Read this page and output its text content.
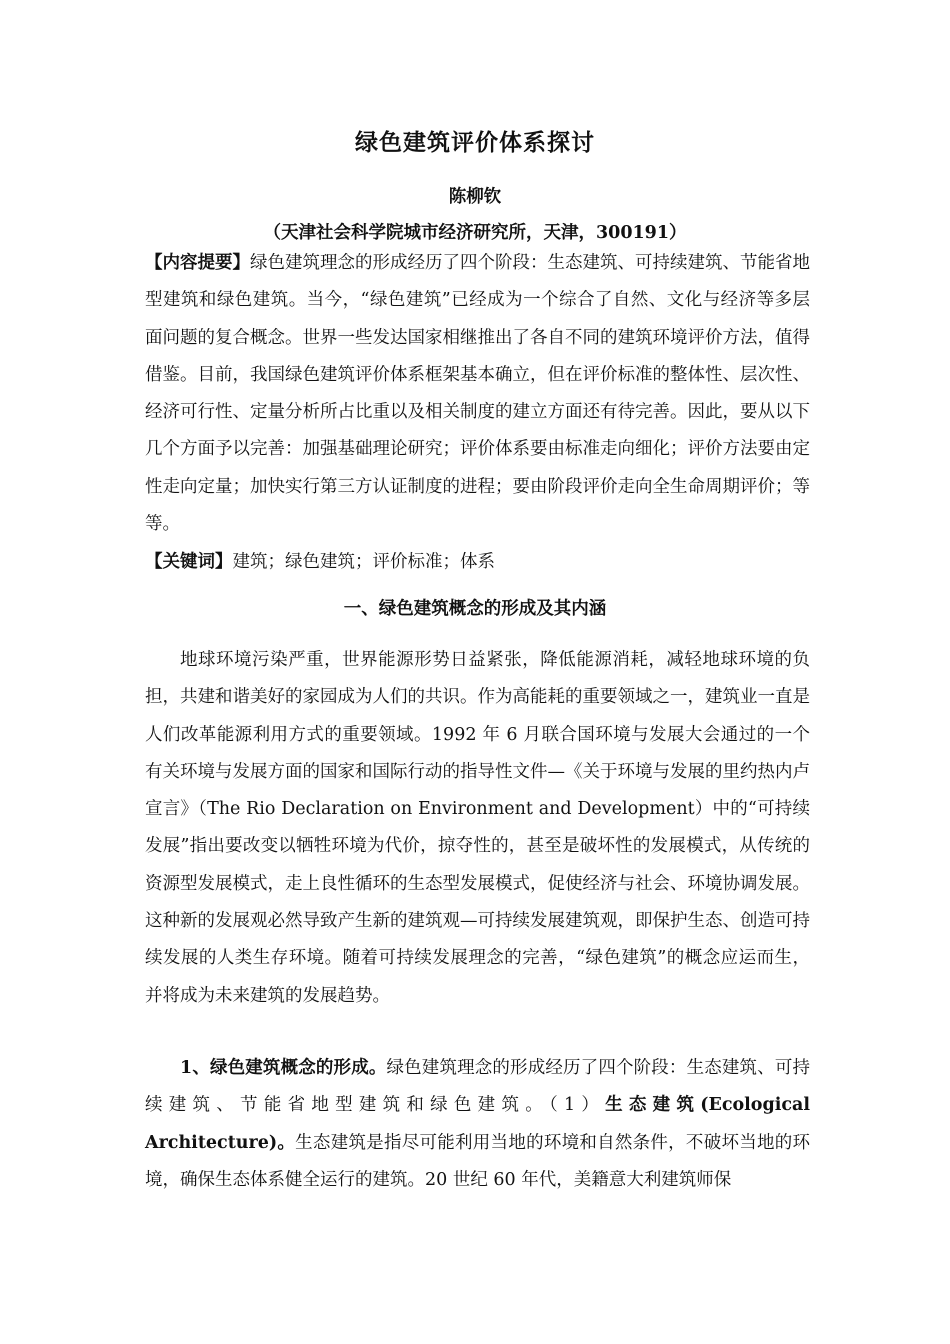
绿色建筑评价体系探讨
陈柳钦
（天津社会科学院城市经济研究所，天津，300191）
【内容提要】绿色建筑理念的形成经历了四个阶段：生态建筑、可持续建筑、节能省地型建筑和绿色建筑。当今，“绿色建筑”已经成为一个综合了自然、文化与经济等多层面问题的复合概念。世界一些发达国家相继推出了各自不同的建筑环境评价方法，值得借鉴。目前，我国绿色建筑评价体系框架基本确立，但在评价标准的整体性、层次性、经济可行性、定量分析所占比重以及相关制度的建立方面还有待完善。因此，要从以下几个方面予以完善：加强基础理论研究；评价体系要由标准走向细化；评价方法要由定性走向定量；加快实行第三方认证制度的进程；要由阶段评价走向全生命周期评价；等等。
【关键词】建筑；绿色建筑；评价标准；体系
一、绿色建筑概念的形成及其内涵
地球环境污染严重，世界能源形势日益紧张，降低能源消耗，减轻地球环境的负担，共建和谐美好的家园成为人们的共识。作为高能耗的重要领域之一，建筑业一直是人们改革能源利用方式的重要领域。1992 年 6 月联合国环境与发展大会通过的一个有关环境与发展方面的国家和国际行动的指导性文件—《关于环境与发展的里约热内卢宣言》（The Rio Declaration on Environment and Development）中的“可持续发展”指出要改变以牺牲环境为代价，掠夺性的，甚至是破坏性的发展模式，从传统的资源型发展模式，走上良性循环的生态型发展模式，促使经济与社会、环境协调发展。这种新的发展观必然导致产生新的建筑观—可持续发展建筑观，即保护生态、创造可持续发展的人类生存环境。随着可持续发展理念的完善，“绿色建筑”的概念应运而生，并将成为未来建筑的发展趋势。
1、绿色建筑概念的形成。绿色建筑理念的形成经历了四个阶段：生态建筑、可持续建筑、节能省地型建筑和绿色建筑。（1）生态建筑(Ecological Architecture)。生态建筑是指尽可能利用当地的环境和自然条件，不破坏当地的环境，确保生态体系健全运行的建筑。20 世纪 60 年代，美籍意大利建筑师保
